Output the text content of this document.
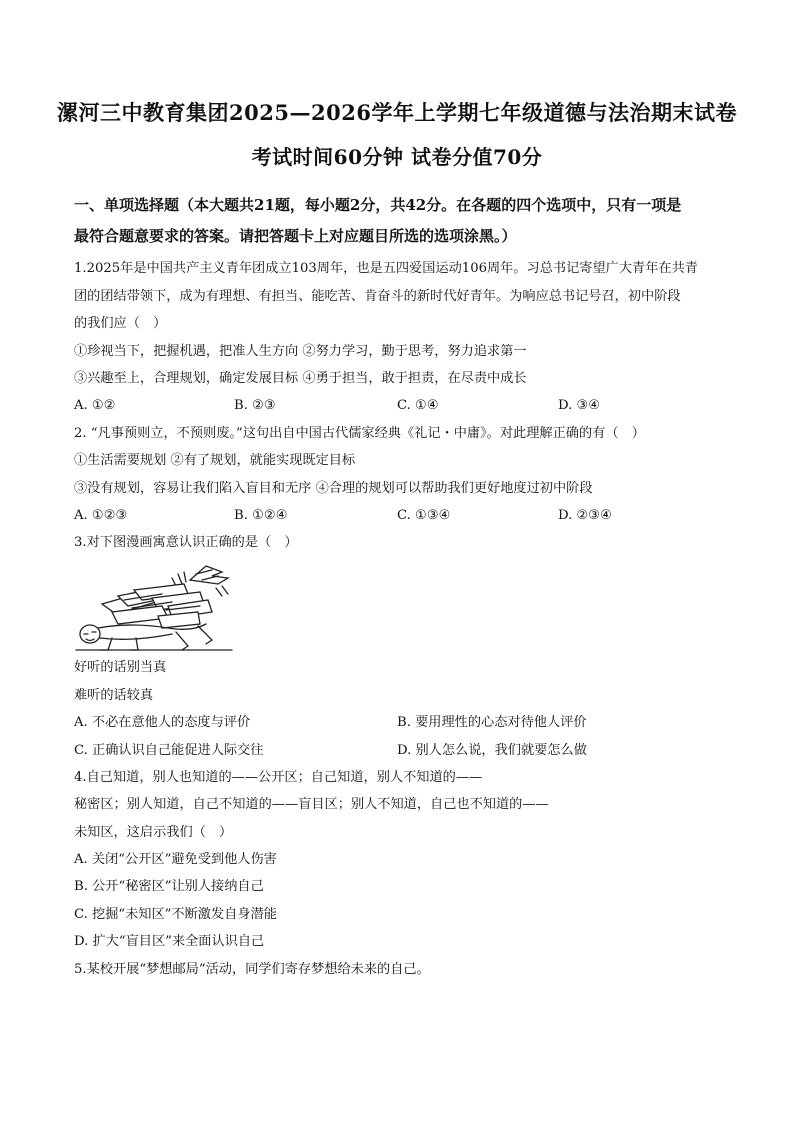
漯河三中教育集团2025—2026学年上学期七年级道德与法治期末试卷
考试时间60分钟 试卷分值70分
一、单项选择题（本大题共21题，每小题2分，共42分。在各题的四个选项中，只有一项是
最符合题意要求的答案。请把答题卡上对应题目所选的选项涂黑。）
1.2025年是中国共产主义青年团成立103周年，也是五四爱国运动106周年。习总书记寄望广大青年在共青
团的团结带领下，成为有理想、有担当、能吃苦、肯奋斗的新时代好青年。为响应总书记号召，初中阶段
的我们应（　）
①珍视当下，把握机遇，把准人生方向 ②努力学习，勤于思考，努力追求第一
③兴趣至上，合理规划，确定发展目标 ④勇于担当，敢于担责，在尽责中成长
A. ①②	B. ②③	C. ①④	D. ③④
2. “凡事预则立，不预则废。”这句出自中国古代儒家经典《礼记・中庸》。对此理解正确的有（　）
①生活需要规划 ②有了规划，就能实现既定目标
③没有规划，容易让我们陷入盲目和无序 ④合理的规划可以帮助我们更好地度过初中阶段
A. ①②③	B. ①②④	C. ①③④	D. ②③④
3.对下图漫画寓意认识正确的是（　）
好听的话别当真
难听的话较真
A. 不必在意他人的态度与评价	B. 要用理性的心态对待他人评价
C. 正确认识自己能促进人际交往	D. 别人怎么说，我们就要怎么做
4.自己知道，别人也知道的——公开区；自己知道，别人不知道的——
秘密区；别人知道，自己不知道的——盲目区；别人不知道，自己也不知道的——
未知区，这启示我们（　）
A. 关闭“公开区”避免受到他人伤害
B. 公开“秘密区”让别人接纳自己
C. 挖掘“未知区”不断激发自身潜能
D. 扩大“盲目区”来全面认识自己
5.某校开展“梦想邮局”活动，同学们寄存梦想给未来的自己。
